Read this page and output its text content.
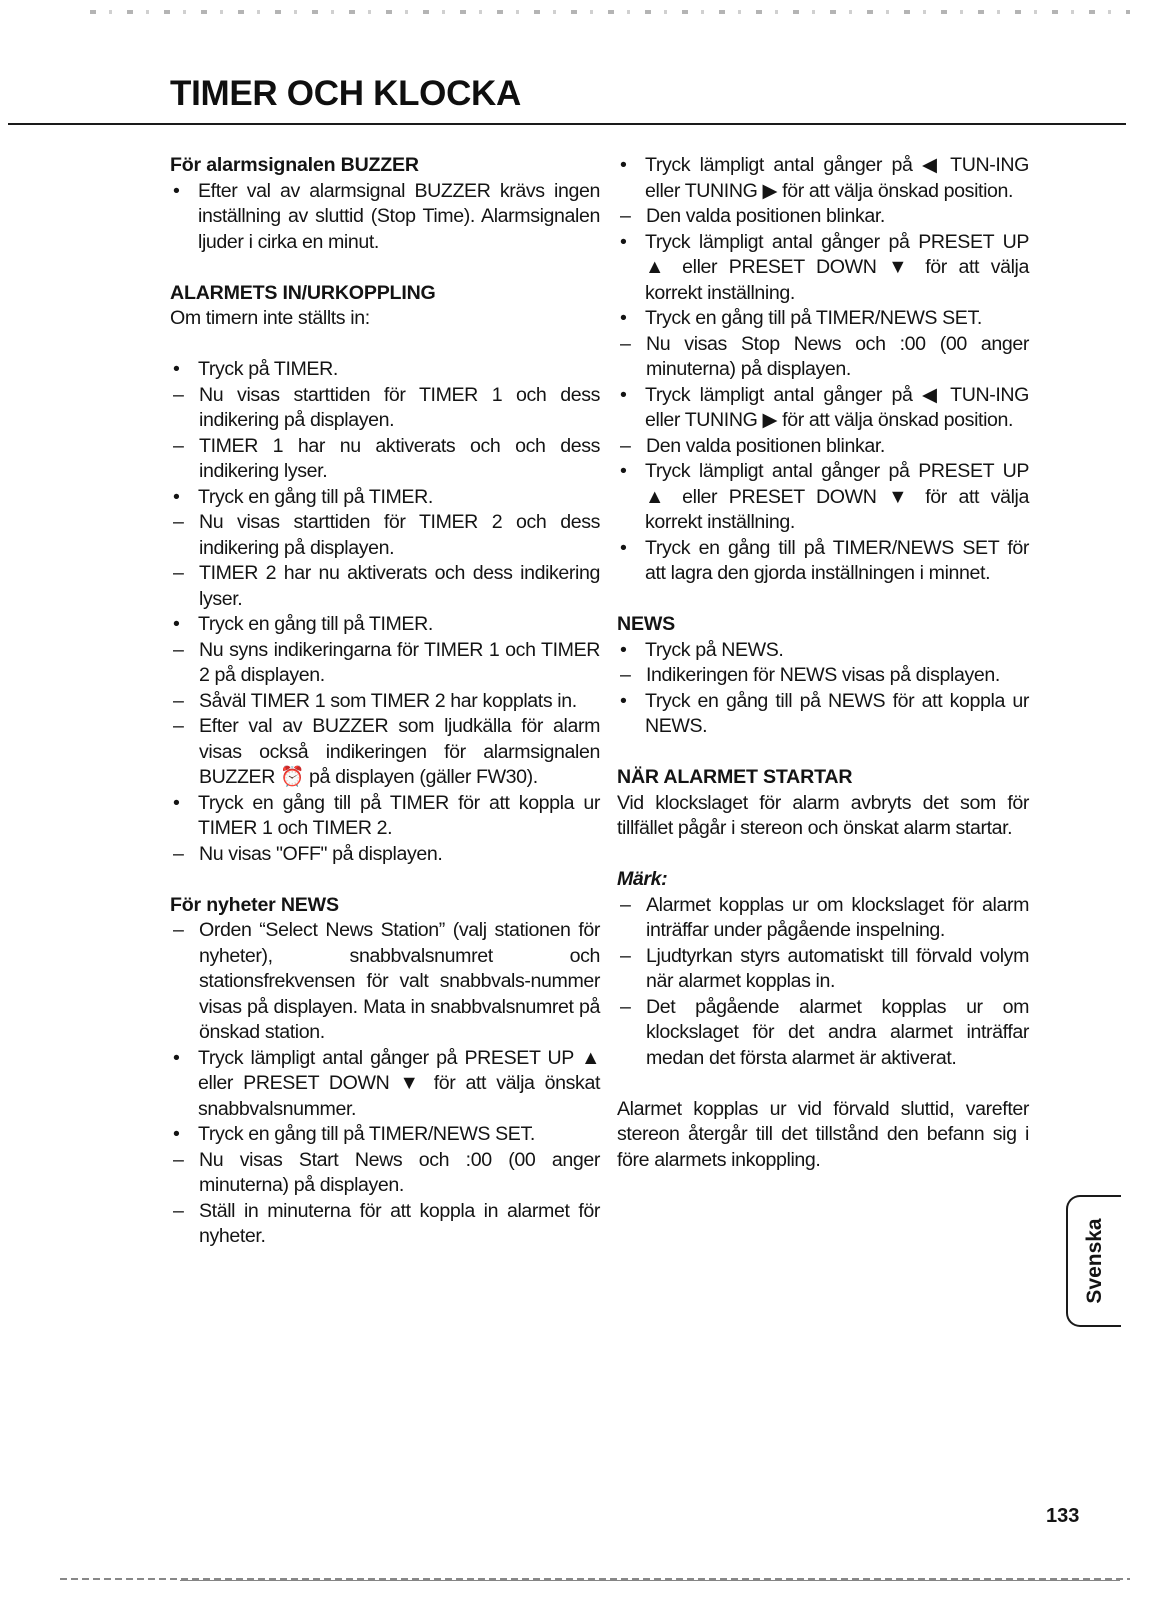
TIMER OCH KLOCKA
För alarmsignalen BUZZER
• Efter val av alarmsignal BUZZER krävs ingen inställning av sluttid (Stop Time). Alarmsignalen ljuder i cirka en minut.
ALARMETS IN/URKOPPLING
Om timern inte ställts in:
• Tryck på TIMER.
– Nu visas starttiden för TIMER 1 och dess indikering på displayen.
– TIMER 1 har nu aktiverats och och dess indikering lyser.
• Tryck en gång till på TIMER.
– Nu visas starttiden för TIMER 2 och dess indikering på displayen.
– TIMER 2 har nu aktiverats och dess indikering lyser.
• Tryck en gång till på TIMER.
– Nu syns indikeringarna för TIMER 1 och TIMER 2 på displayen.
– Såväl TIMER 1 som TIMER 2 har kopplats in.
– Efter val av BUZZER som ljudkälla för alarm visas också indikeringen för alarmsignalen BUZZER ⏰ på displayen (gäller FW30).
• Tryck en gång till på TIMER för att koppla ur TIMER 1 och TIMER 2.
– Nu visas "OFF" på displayen.
För nyheter NEWS
– Orden “Select News Station” (valj stationen för nyheter), snabbvalsnumret och stationsfrekvensen för valt snabbvals-nummer visas på displayen. Mata in snabbvalsnumret på önskad station.
• Tryck lämpligt antal gånger på PRESET UP ▲ eller PRESET DOWN ▼ för att välja önskat snabbvalsnummer.
• Tryck en gång till på TIMER/NEWS SET.
– Nu visas Start News och :00 (00 anger minuterna) på displayen.
– Ställ in minuterna för att koppla in alarmet för nyheter.
• Tryck lämpligt antal gånger på ◀ TUN-ING eller TUNING ▶ för att välja önskad position.
– Den valda positionen blinkar.
• Tryck lämpligt antal gånger på PRESET UP ▲ eller PRESET DOWN ▼ för att välja korrekt inställning.
• Tryck en gång till på TIMER/NEWS SET.
– Nu visas Stop News och :00 (00 anger minuterna) på displayen.
• Tryck lämpligt antal gånger på ◀ TUN-ING eller TUNING ▶ för att välja önskad position.
– Den valda positionen blinkar.
• Tryck lämpligt antal gånger på PRESET UP ▲ eller PRESET DOWN ▼ för att välja korrekt inställning.
• Tryck en gång till på TIMER/NEWS SET för att lagra den gjorda inställningen i minnet.
NEWS
• Tryck på NEWS.
– Indikeringen för NEWS visas på displayen.
• Tryck en gång till på NEWS för att koppla ur NEWS.
NÄR ALARMET STARTAR
Vid klockslaget för alarm avbryts det som för tillfället pågår i stereon och önskat alarm startar.
Märk:
– Alarmet kopplas ur om klockslaget för alarm inträffar under pågående inspelning.
– Ljudtyrkan styrs automatiskt till förvald volym när alarmet kopplas in.
– Det pågående alarmet kopplas ur om klockslaget för det andra alarmet inträffar medan det första alarmet är aktiverat.
Alarmet kopplas ur vid förvald sluttid, varefter stereon återgår till det tillstånd den befann sig i före alarmets inkoppling.
Svenska
133
